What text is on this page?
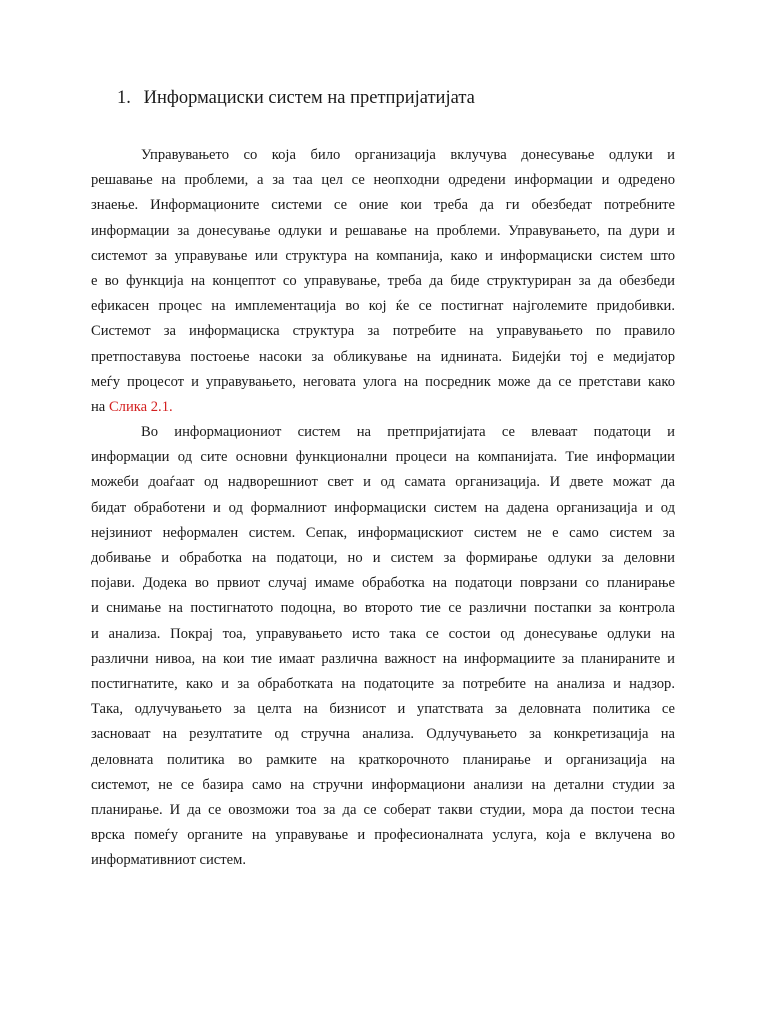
1. Информациски систем на претпријатијата
Управувањето со која било организација вклучува донесување одлуки и
решавање на проблеми, а за таа цел се неопходни одредени информации и одредено
знаење. Информационите системи се оние кои треба да ги обезбедат потребните
информации за донесување одлуки и решавање на проблеми. Управувањето, па дури и
системот за управување или структура на компанија, како и информациски систем што
е во функција на концептот со управување, треба да биде структуриран за да обезбеди
ефикасен процес на имплементација во кој ќе се постигнат најголемите придобивки.
Системот за информациска структура за потребите на управувањето по правило
претпоставува постоење насоки за обликување на иднината. Бидејќи тој е медијатор
меѓу процесот и управувањето, неговата улога на посредник може да се претстави како
на Слика 2.1.
Во информациониот систем на претпријатијата се влеваат податоци и
информации од сите основни функционални процеси на компанијата. Тие информации
можеби доаѓаат од надворешниот свет и од самата организација. И двете можат да
бидат обработени и од формалниот информациски систем на дадена организација и од
нејзиниот неформален систем. Сепак, информацискиот систем не е само систем за
добивање и обработка на податоци, но и систем за формирање одлуки за деловни
појави. Додека во првиот случај имаме обработка на податоци поврзани со планирање
и снимање на постигнатото подоцна, во второто тие се различни постапки за контрола
и анализа. Покрај тоа, управувањето исто така се состои од донесување одлуки на
различни нивоа, на кои тие имаат различна важност на информациите за планираните и
постигнатите, како и за обработката на податоците за потребите на анализа и надзор.
Така, одлучувањето за целта на бизнисот и упатствата за деловната политика се
засноваат на резултатите од стручна анализа. Одлучувањето за конкретизација на
деловната политика во рамките на краткорочното планирање и организација на
системот, не се базира само на стручни информациони анализи на детални студии за
планирање. И да се овозможи тоа за да се соберат такви студии, мора да постои тесна
врска помеѓу органите на управување и професионалната услуга, која е вклучена во
информативниот систем.
